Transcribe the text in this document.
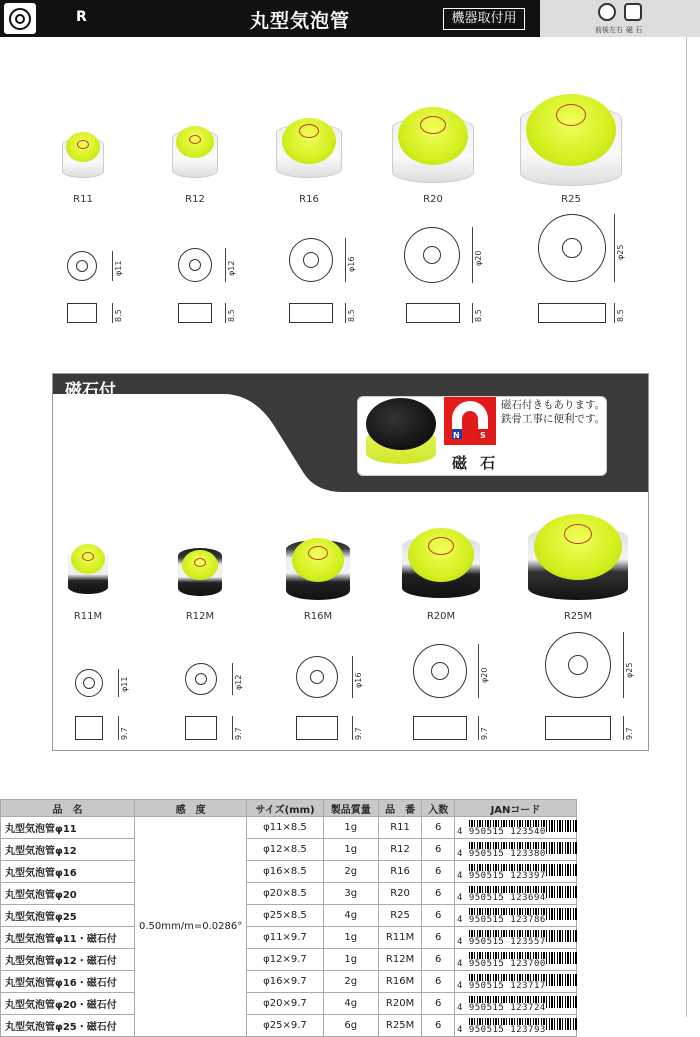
R	丸型気泡管	機器取付用
前後左右 磁 石
R11	R12	R16	R20	R25
φ11	φ12	φ16	φ20	φ25
8.5	8.5	8.5	8.5	8.5
磁石付
N	S
磁石付きもあります。
鉄骨工事に便利です。
磁 石
R11M	R12M	R16M	R20M	R25M
φ11	φ12	φ16	φ20	φ25
9.7	9.7	9.7	9.7	9.7
品　名	感　度	サイズ(mm)	製品質量	品　番	入数	JANコード
丸型気泡管φ11	0.50mm/m=0.0286°	φ11×8.5	1g	R11	6	4 950515 123540

丸型気泡管φ12		φ12×8.5	1g	R12	6	4 950515 123380

丸型気泡管φ16		φ16×8.5	2g	R16	6	4 950515 123397

丸型気泡管φ20		φ20×8.5	3g	R20	6	4 950515 123694

丸型気泡管φ25		φ25×8.5	4g	R25	6	4 950515 123786

丸型気泡管φ11・磁石付		φ11×9.7	1g	R11M	6	4 950515 123557

丸型気泡管φ12・磁石付		φ12×9.7	1g	R12M	6	4 950515 123700

丸型気泡管φ16・磁石付		φ16×9.7	2g	R16M	6	4 950515 123717

丸型気泡管φ20・磁石付		φ20×9.7	4g	R20M	6	4 950515 123724

丸型気泡管φ25・磁石付		φ25×9.7	6g	R25M	6	4 950515 123793
